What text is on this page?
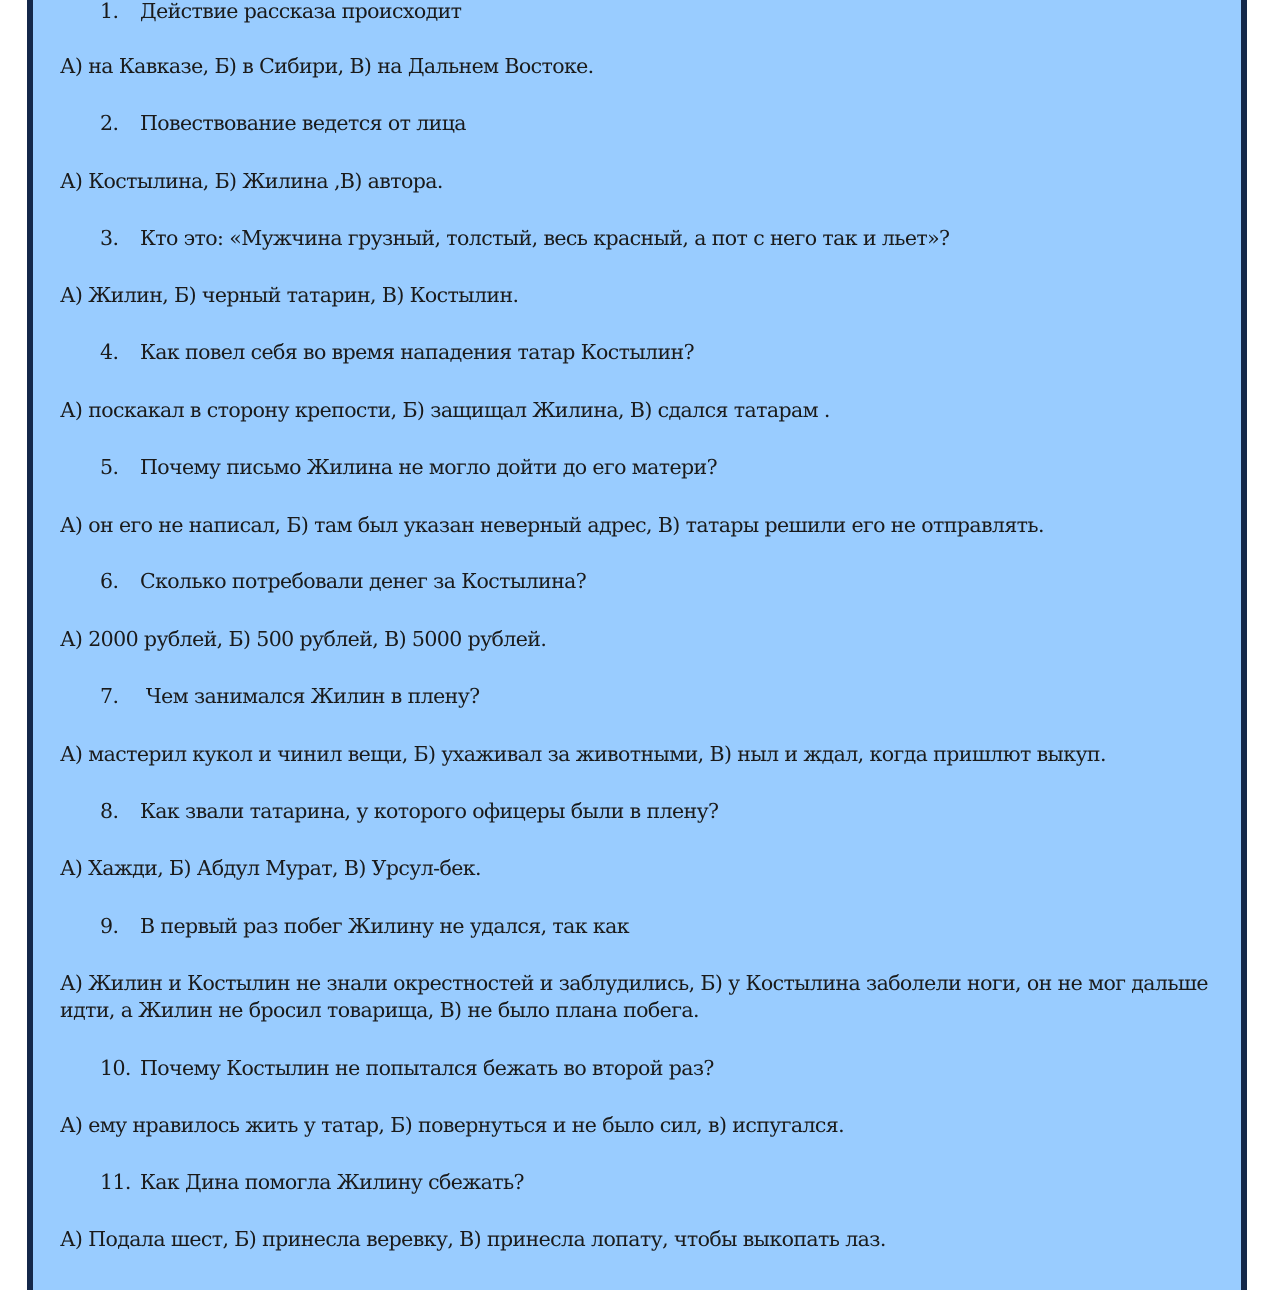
1. Действие рассказа происходит
А) на Кавказе, Б) в Сибири, В) на Дальнем Востоке.
2. Повествование ведется от лица
А) Костылина, Б) Жилина ,В) автора.
3. Кто это: «Мужчина грузный, толстый, весь красный, а пот с него так и льет»?
А) Жилин, Б) черный татарин, В) Костылин.
4. Как повел себя во время нападения татар Костылин?
А) поскакал в сторону крепости, Б) защищал Жилина, В) сдался татарам .
5. Почему письмо Жилина не могло дойти до его матери?
А) он его не написал, Б) там был указан неверный адрес, В) татары решили его не отправлять.
6. Сколько потребовали денег за Костылина?
А) 2000 рублей, Б) 500 рублей, В) 5000 рублей.
7. Чем занимался Жилин в плену?
А) мастерил кукол и чинил вещи, Б) ухаживал за животными, В) ныл и ждал, когда пришлют выкуп.
8. Как звали татарина, у которого офицеры были в плену?
А) Хажди, Б) Абдул Мурат, В) Урсул-бек.
9. В первый раз побег Жилину не удался, так как
А) Жилин и Костылин не знали окрестностей и заблудились, Б) у Костылина заболели ноги, он не мог дальше идти, а Жилин не бросил товарища, В) не было плана побега.
10. Почему Костылин не попытался бежать во второй раз?
А) ему нравилось жить у татар, Б) повернуться и не было сил, в) испугался.
11. Как Дина помогла Жилину сбежать?
А) Подала шест, Б) принесла веревку, В) принесла лопату, чтобы выкопать лаз.
